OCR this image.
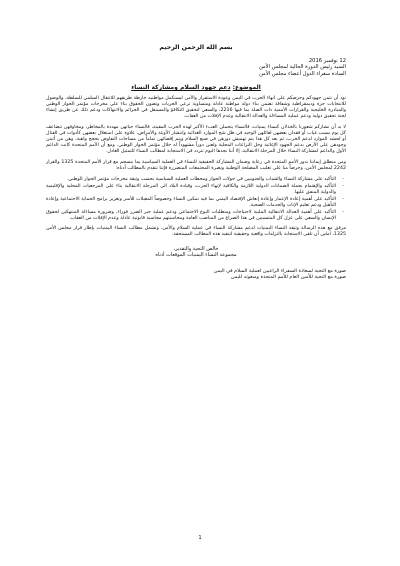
بسم الله الرحمن الرحيم

12 نوفمبر 2016

السيد رئيس الدورة الحالية لمجلس الأمن

السادة سفراء الدول أعضاء مجلس الأمن

الموضوع: دعم جهود السلام ومشاركة النساء

نود أن نثمن جهودكم وحرصكم على انهاء الحرب في اليمن وعودة الاستقرار والأمن ليستكمل مواطنيه خارطة طريقهم للانتقال السلمي للسلطة، والوصول للانتخابات حرة وديمقراطية وشفافة تضمن بناء دولة مواطنة عادلة ومتساوية ترعى الحريات وتصون الحقوق بناء على مخرجات مؤتمر الحوار الوطني والمبادرة الخليجية والقرارات الأممية ذات الصلة بما فيها 2216، والسعي لتحقيق التكافؤ والمستقل في الجرائم والانتهاكات ودعم ذلك عن طريق إنشاء لجنة تحقيق دولية ودعم عملية المساءلة والعدالة الانتقالية وعدم الإفلات من العقاب.

لا بد أن نشاركم شعورنا بالخذلان كنساء يمنيات، فالنساء يتحملن العبء الأكبر لهذه الحرب المقيتة، فالنساء حياتهن مهددة بالمخاطر، ومخاوفهن تتضاعف كل يوم بسبب غياب أو فقدان بعضهن لعائلهن الوحيد في ظل شح الموارد الغذائية وانتشار الأوبئة والأمراض، علاوة على استغلال بعضهن كأدوات في القتال أو لحشد الموارد لدعم الحرب، ثم بعد كل هذا يتم تهميش دورهن في صنع السلام ويتم إقصائهن تماماً من مساحات التفاوض بحجج واهية، وهن من أثبتن وجودهن على الأرض بدعم الجهود الإغاثية وحل النزاعات المحلية ولعبن دوراً مشهوداً له خلال مؤتمر الحوار الوطني. ومع أن الأمم المتحدة كانت الداعم الأول والداعم لمشاركة النساء خلال المرحلة الانتقالية، إلا أننا نجدها اليوم تتردد في الاستجابة لمطالب النساء للتمثيل العادل.

ومن منطلق إيماننا بدور الأمم المتحدة في رعاية وضمان المشاركة الحقيقية للنساء في العملية السياسية بما ينسجم مع قرار الأمم المتحدة 1325 والقرار 2242 لمجلس الأمن، وحرصاً منا على تغليب المصلحة الوطنية ونصرة المجتمعات المتضررة فإننا نتقدم بالمطالب أدناه:

-
التأكيد على مشاركة النساء والشباب والجنوبيين في جولات الحوار ومحطات العملية السياسية بحسب وثيقة مخرجات مؤتمر الحوار الوطني.
-
التأكيد والإهتمام بجملة الضمانات الدولية اللازمة والكافية لإنهاء الحرب، وقيادة البلاد الى المرحلة الانتقالية بناء على المرجعيات المحلية والإقليمية والدولية المتفق عليها.
-
التأكيد على أهمية إعادة الإعمار وإعادة إنعاش الإقتصاد اليمني بما فيه تمكين النساء وخصوصاً المعيلات للأسر وتعزيز برامج الحماية الاجتماعية وإعادة التأهيل ودعم تعليم الإناث والخدمات الصحية.
-
التأكيد على أهمية العدالة الانتقالية الملبية لاحتياجات ومتطلبات النوع الاجتماعي ودعم عملية جبر الضرر فوراء، وضرورة مساءلة المنتهكين لحقوق الإنسان والسعي على عزل كل المتسببين في هذا الصراع من المناصب العامة ومحاسبتهم محاسبة قانونية عادلة وعدم الإفلات من العقاب.

مرفق مع هذه الرسالة وثيقة النساء اليمنيات لدعم مشاركة النساء في عملية السلام والأمن، وتشمل مطالب النساء اليمنيات بإطار قرار مجلس الأمن 1325، آملين أن تلقى الاستجابة بالتزامات واقعية وحقيقية لتنفيذ هذه المطالب المستحقة.

خالص التحية والتقدير،
مجموعة النساء اليمنيات الموقعات أدناه
صورة مع التحية لسعادة السفراء الراعيين لعملية السلام في اليمن
صورة مع التحية للأمين العام للأمم المتحدة ومبعوثه لليمن
1
